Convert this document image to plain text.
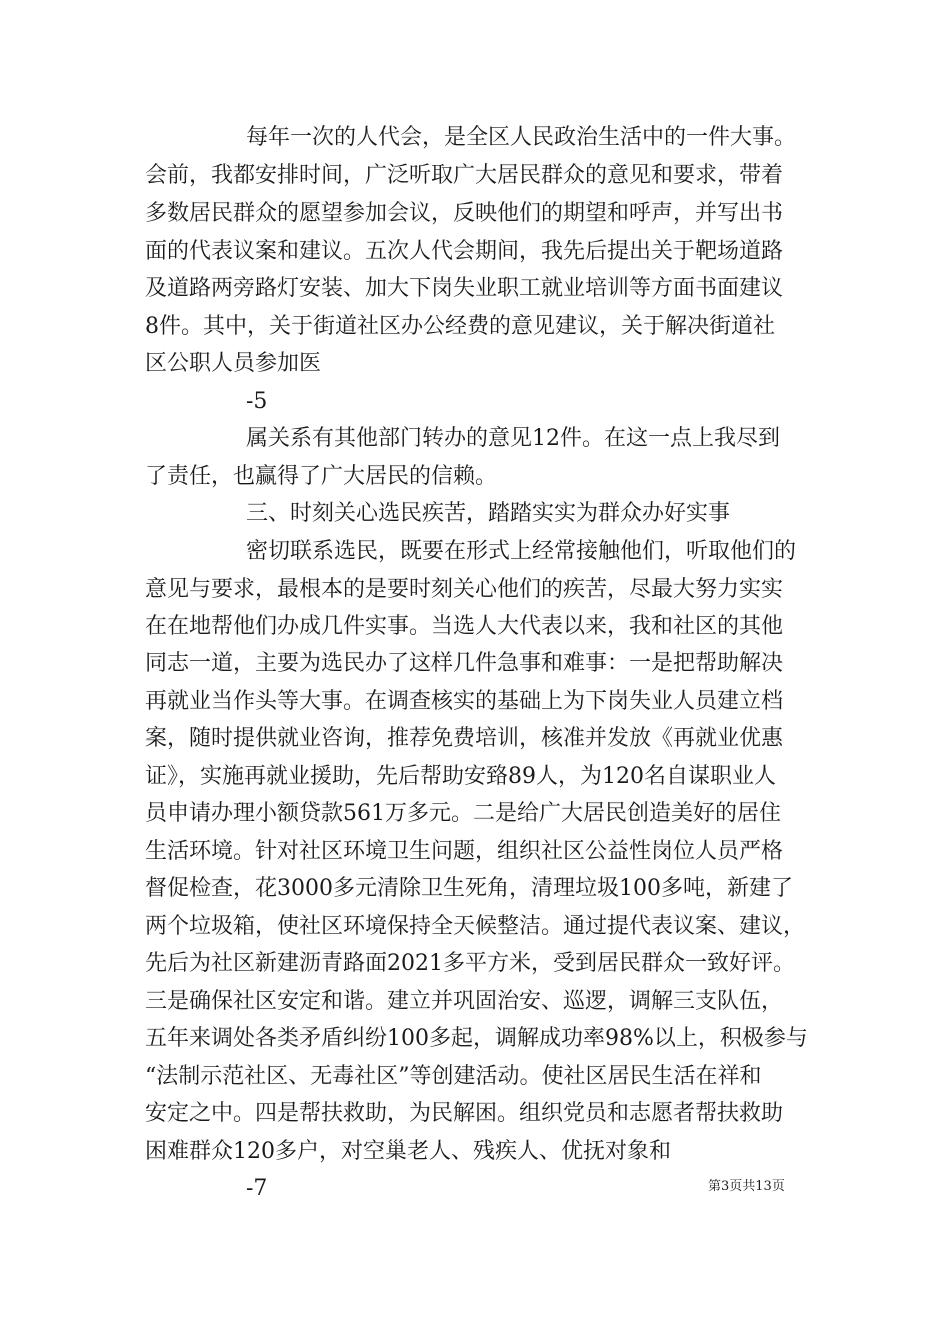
每年一次的人代会，是全区人民政治生活中的一件大事。
会前，我都安排时间，广泛听取广大居民群众的意见和要求，带着
多数居民群众的愿望参加会议，反映他们的期望和呼声，并写出书
面的代表议案和建议。五次人代会期间，我先后提出关于靶场道路
及道路两旁路灯安装、加大下岗失业职工就业培训等方面书面建议
8件。其中，关于街道社区办公经费的意见建议，关于解决街道社
区公职人员参加医
-5
属关系有其他部门转办的意见12件。在这一点上我尽到
了责任，也赢得了广大居民的信赖。
三、时刻关心选民疾苦，踏踏实实为群众办好实事
密切联系选民，既要在形式上经常接触他们，听取他们的
意见与要求，最根本的是要时刻关心他们的疾苦，尽最大努力实实
在在地帮他们办成几件实事。当选人大代表以来，我和社区的其他
同志一道，主要为选民办了这样几件急事和难事：一是把帮助解决
再就业当作头等大事。在调查核实的基础上为下岗失业人员建立档
案，随时提供就业咨询，推荐免费培训，核准并发放《再就业优惠
证》，实施再就业援助，先后帮助安臵89人，为120名自谋职业人
员申请办理小额贷款561万多元。二是给广大居民创造美好的居住
生活环境。针对社区环境卫生问题，组织社区公益性岗位人员严格
督促检查，花3000多元清除卫生死角，清理垃圾100多吨，新建了
两个垃圾箱，使社区环境保持全天候整洁。通过提代表议案、建议，
先后为社区新建沥青路面2021多平方米，受到居民群众一致好评。
三是确保社区安定和谐。建立并巩固治安、巡逻，调解三支队伍，
五年来调处各类矛盾纠纷100多起，调解成功率98%以上，积极参与
“法制示范社区、无毒社区”等创建活动。使社区居民生活在祥和
安定之中。四是帮扶救助，为民解困。组织党员和志愿者帮扶救助
困难群众120多户，对空巢老人、残疾人、优抚对象和
-7	第3页共13页
